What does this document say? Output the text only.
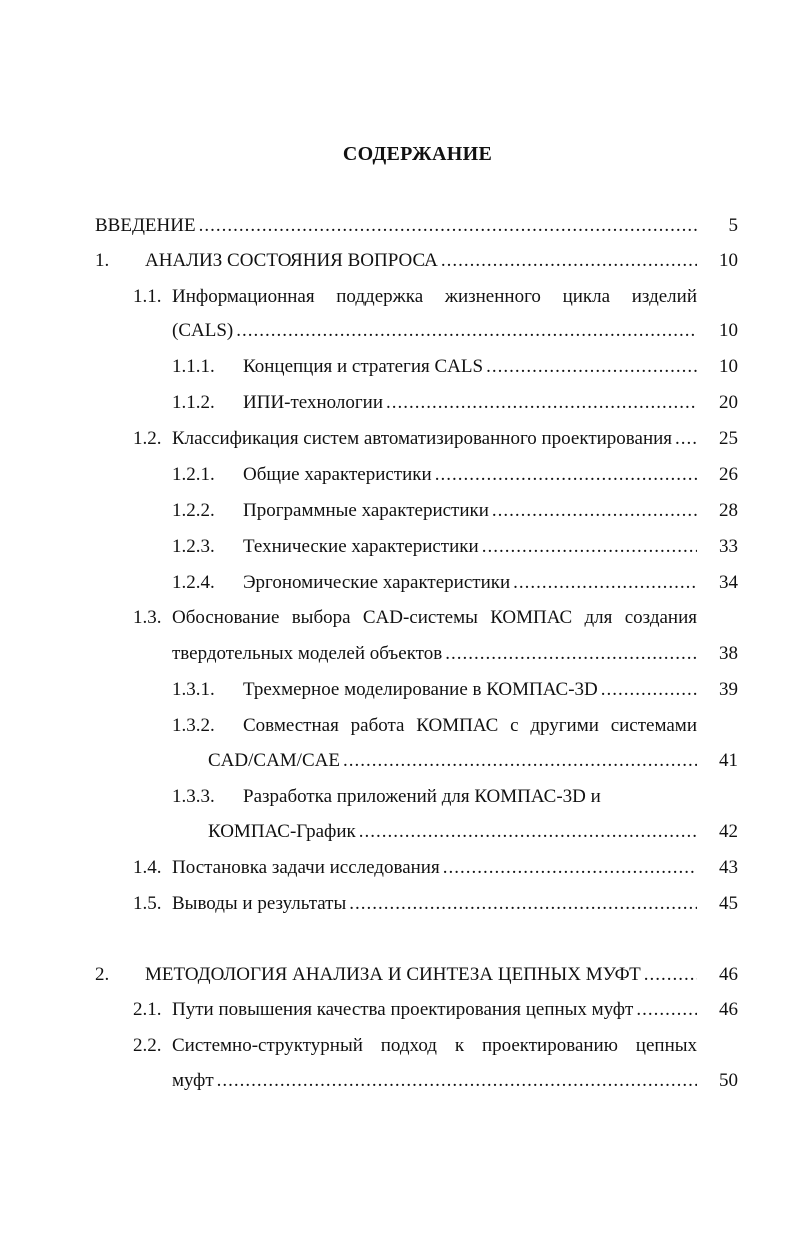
СОДЕРЖАНИЕ
ВВЕДЕНИЕ .....	5
1. АНАЛИЗ СОСТОЯНИЯ ВОПРОСА .....	10
1.1. Информационная поддержка жизненного цикла изделий
(CALS) .....	10
1.1.1. Концепция и стратегия CALS .....	10
1.1.2. ИПИ-технологии .....	20
1.2. Классификация систем автоматизированного проектирования ..... 25
1.2.1. Общие характеристики .....	26
1.2.2. Программные характеристики .....	28
1.2.3. Технические характеристики .....	33
1.2.4. Эргономические характеристики .....	34
1.3. Обоснование выбора CAD-системы КОМПАС для создания
твердотельных моделей объектов .....	38
1.3.1. Трехмерное моделирование в КОМПАС-3D .....	39
1.3.2. Совместная работа КОМПАС с другими системами
CAD/CAM/CAE .....	41
1.3.3. Разработка приложений для КОМПАС-3D и
КОМПАС-График .....	42
1.4. Постановка задачи исследования .....	43
1.5. Выводы и результаты .....	45
2. МЕТОДОЛОГИЯ АНАЛИЗА И СИНТЕЗА ЦЕПНЫХ МУФТ .....	46
2.1. Пути повышения качества проектирования цепных муфт .....	46
2.2. Системно-структурный подход к проектированию цепных
муфт .....	50
